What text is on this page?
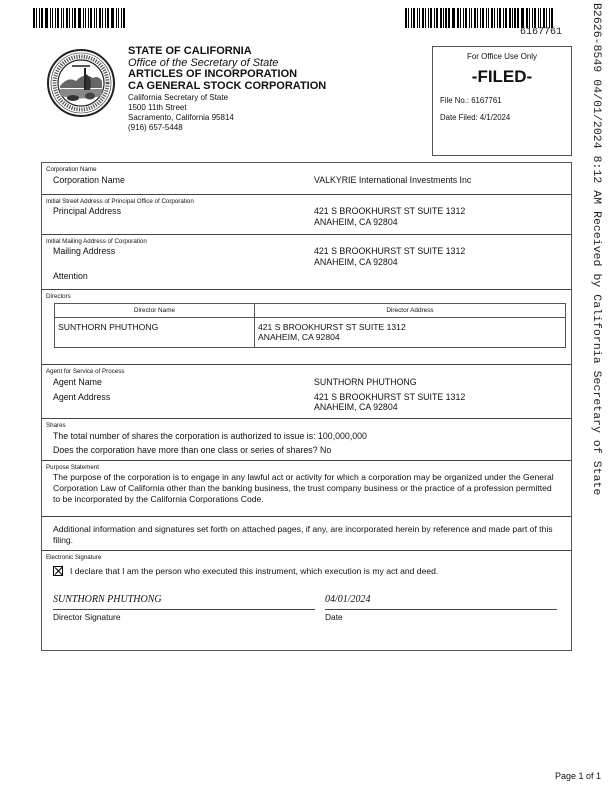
6167761 B2626-8549 04/01/2024 8:12 AM Received by California Secretary of State
STATE OF CALIFORNIA
Office of the Secretary of State
ARTICLES OF INCORPORATION
CA GENERAL STOCK CORPORATION
California Secretary of State
1500 11th Street
Sacramento, California 95814
(916) 657-5448
For Office Use Only
-FILED-
File No.: 6167761
Date Filed: 4/1/2024
Corporation Name
Corporation Name	VALKYRIE International Investments Inc
Initial Street Address of Principal Office of Corporation
Principal Address	421 S BROOKHURST ST SUITE 1312
ANAHEIM, CA 92804
Initial Mailing Address of Corporation
Mailing Address	421 S BROOKHURST ST SUITE 1312
ANAHEIM, CA 92804
Attention
Directors
Director Name	Director Address
SUNTHORN PHUTHONG	421 S BROOKHURST ST SUITE 1312
ANAHEIM, CA 92804
Agent for Service of Process
Agent Name	SUNTHORN PHUTHONG
Agent Address	421 S BROOKHURST ST SUITE 1312
ANAHEIM, CA 92804
Shares
The total number of shares the corporation is authorized to issue is: 100,000,000
Does the corporation have more than one class or series of shares? No
Purpose Statement
The purpose of the corporation is to engage in any lawful act or activity for which a corporation may be organized under the General Corporation Law of California other than the banking business, the trust company business or the practice of a profession permitted to be incorporated by the California Corporations Code.
Additional information and signatures set forth on attached pages, if any, are incorporated herein by reference and made part of this filing.
Electronic Signature
I declare that I am the person who executed this instrument, which execution is my act and deed.
SUNTHORN PHUTHONG
Director Signature
04/01/2024
Date
Page 1 of 1
